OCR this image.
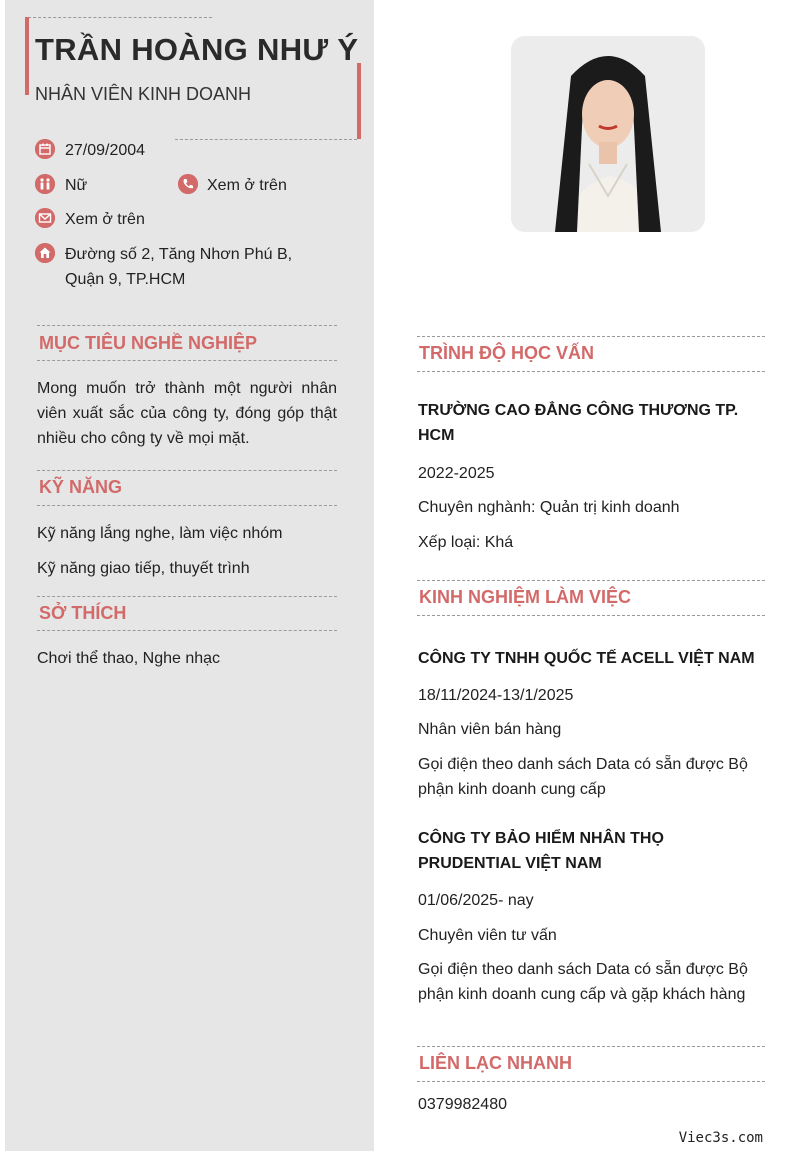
TRẦN HOÀNG NHƯ Ý
NHÂN VIÊN KINH DOANH
27/09/2004
Nữ	Xem ở trên
Xem ở trên
Đường số 2, Tăng Nhơn Phú B, Quận 9, TP.HCM
MỤC TIÊU NGHỀ NGHIỆP
Mong muốn trở thành một người nhân viên xuất sắc của công ty, đóng góp thật nhiều cho công ty về mọi mặt.
KỸ NĂNG
Kỹ năng lắng nghe, làm việc nhóm
Kỹ năng giao tiếp, thuyết trình
SỞ THÍCH
Chơi thể thao, Nghe nhạc
TRÌNH ĐỘ HỌC VẤN
TRƯỜNG CAO ĐẲNG CÔNG THƯƠNG TP. HCM
2022-2025
Chuyên nghành: Quản trị kinh doanh
Xếp loại: Khá
KINH NGHIỆM LÀM VIỆC
CÔNG TY TNHH QUỐC TẾ ACELL VIỆT NAM
18/11/2024-13/1/2025
Nhân viên bán hàng
Gọi điện theo danh sách Data có sẵn được Bộ phận kinh doanh cung cấp
CÔNG TY BẢO HIỂM NHÂN THỌ PRUDENTIAL VIỆT NAM
01/06/2025- nay
Chuyên viên tư vấn
Gọi điện theo danh sách Data có sẵn được Bộ phận kinh doanh cung cấp và gặp khách hàng
LIÊN LẠC NHANH
0379982480
Viec3s.com
